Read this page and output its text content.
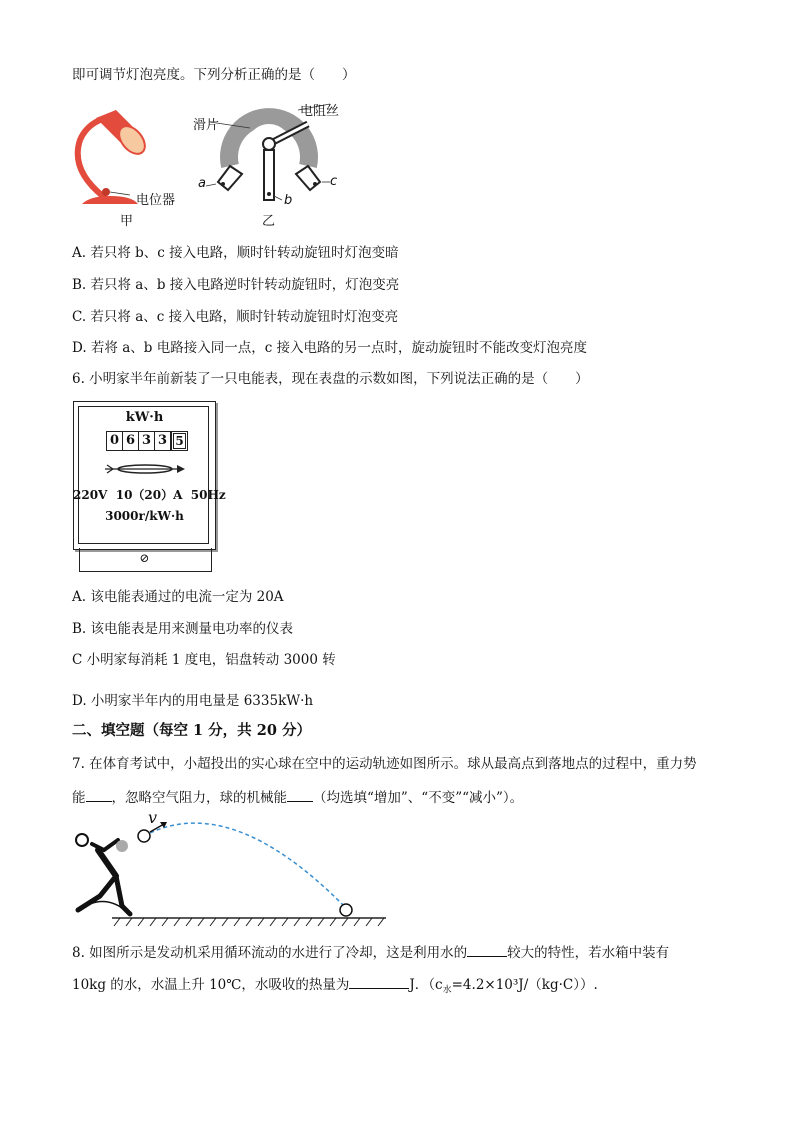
即可调节灯泡亮度。下列分析正确的是（　　）
电位器
甲
滑片
电阻丝
a
b
c
乙
A. 若只将 b、c 接入电路，顺时针转动旋钮时灯泡变暗
B. 若只将 a、b 接入电路逆时针转动旋钮时，灯泡变亮
C. 若只将 a、c 接入电路，顺时针转动旋钮时灯泡变亮
D. 若将 a、b 电路接入同一点，c 接入电路的另一点时，旋动旋钮时不能改变灯泡亮度
6. 小明家半年前新装了一只电能表，现在表盘的示数如图，下列说法正确的是（　　）
kW·h
0 6 3 3 5
220V  10（20）A  50Hz
3000r/kW·h
⊘
A. 该电能表通过的电流一定为 20A
B. 该电能表是用来测量电功率的仪表
C 小明家每消耗 1 度电，铝盘转动 3000 转
D. 小明家半年内的用电量是 6335kW·h
二、填空题（每空 1 分，共 20 分）
7. 在体育考试中，小超投出的实心球在空中的运动轨迹如图所示。球从最高点到落地点的过程中，重力势
能 ，忽略空气阻力，球的机械能 （均选填“增加”、“不变”“减小”）。
v
8. 如图所示是发动机采用循环流动的水进行了冷却，这是利用水的	较大的特性，若水箱中装有
10kg 的水，水温上升 10℃，水吸收的热量为	J．$(c_水=4.2\times 10^3J/(kg\cdot C))$.
